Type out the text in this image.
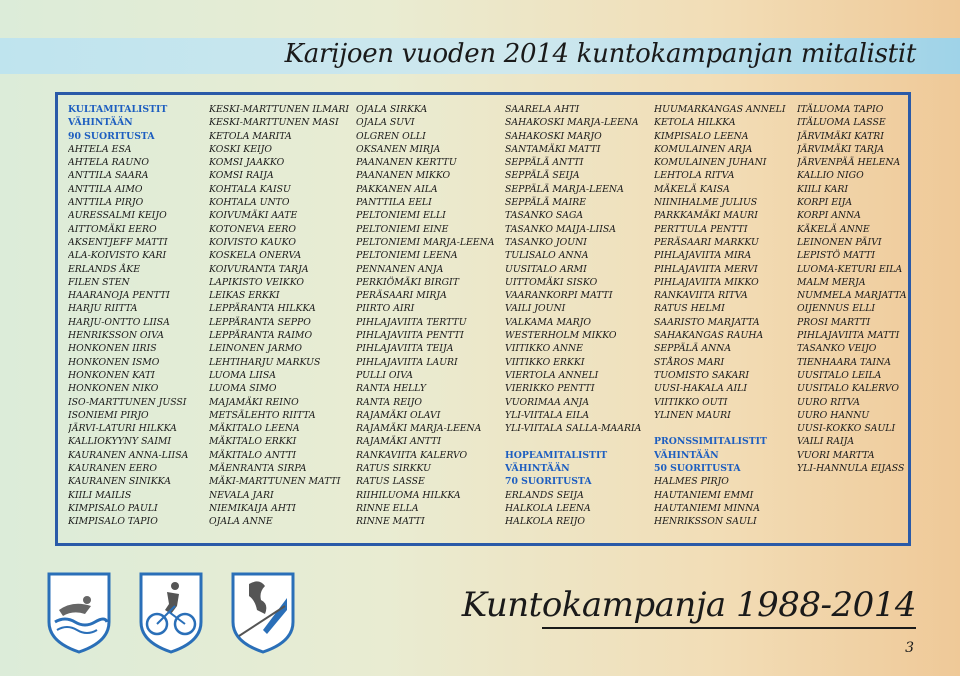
Karijoen vuoden 2014 kuntokampanjan mitalistit
KULTAMITALISTIT
VÄHINTÄÄN
90 SUORITUSTA
AHTELA ESA
AHTELA RAUNO
ANTTILA SAARA
ANTTILA AIMO
ANTTILA PIRJO
AURESSALMI KEIJO
AITTOMÄKI EERO
AKSENTJEFF MATTI
ALA-KOIVISTO KARI
ERLANDS ÅKE
FILEN STEN
HAARANOJA PENTTI
HARJU RIITTA
HARJU-ONTTO LIISA
HENRIKSSON OIVA
HONKONEN IIRIS
HONKONEN ISMO
HONKONEN KATI
HONKONEN NIKO
ISO-MARTTUNEN JUSSI
ISONIEMI PIRJO
JÄRVI-LATURI HILKKA
KALLIOKYYNY SAIMI
KAURANEN ANNA-LIISA
KAURANEN EERO
KAURANEN SINIKKA
KIILI MAILIS
KIMPISALO PAULI
KIMPISALO TAPIO
KESKI-MARTTUNEN ILMARI
KESKI-MARTTUNEN MASI
KETOLA MARITA
KOSKI KEIJO
KOMSI JAAKKO
KOMSI RAIJA
KOHTALA KAISU
KOHTALA UNTO
KOIVUMÄKI AATE
KOTONEVA EERO
KOIVISTO KAUKO
KOSKELA ONERVA
KOIVURANTA TARJA
LAPIKISTO VEIKKO
LEIKAS ERKKI
LEPPÄRANTA HILKKA
LEPPÄRANTA SEPPO
LEPPÄRANTA RAIMO
LEINONEN JARMO
LEHTIHARJU MARKUS
LUOMA LIISA
LUOMA SIMO
MAJAMÄKI REINO
METSÄLEHTO RIITTA
MÄKITALO LEENA
MÄKITALO ERKKI
MÄKITALO ANTTI
MÄENRANTA SIRPA
MÄKI-MARTTUNEN MATTI
NEVALA JARI
NIEMIKAIJA AHTI
OJALA ANNE
OJALA SIRKKA
OJALA SUVI
OLGREN OLLI
OKSANEN MIRJA
PAANANEN KERTTU
PAANANEN MIKKO
PAKKANEN AILA
PANTTILA EELI
PELTONIEMI ELLI
PELTONIEMI EINE
PELTONIEMI MARJA-LEENA
PELTONIEMI LEENA
PENNANEN ANJA
PERKIÖMÄKI BIRGIT
PERÄSAARI MIRJA
PIIRTO AIRI
PIHLAJAVIITA TERTTU
PIHLAJAVIITA PENTTI
PIHLAJAVIITA TEIJA
PIHLAJAVIITA LAURI
PULLI OIVA
RANTA HELLY
RANTA REIJO
RAJAMÄKI OLAVI
RAJAMÄKI MARJA-LEENA
RAJAMÄKI ANTTI
RANKAVIITA KALERVO
RATUS SIRKKU
RATUS LASSE
RIIHILUOMA HILKKA
RINNE ELLA
RINNE MATTI
SAARELA AHTI
SAHAKOSKI MARJA-LEENA
SAHAKOSKI MARJO
SANTAMÄKI MATTI
SEPPÄLÄ ANTTI
SEPPÄLÄ SEIJA
SEPPÄLÄ MARJA-LEENA
SEPPÄLÄ MAIRE
TASANKO SAGA
TASANKO MAIJA-LIISA
TASANKO JOUNI
TULISALO ANNA
UUSITALO ARMI
UITTOMÄKI SISKO
VAARANKORPI MATTI
VAILI JOUNI
VALKAMA MARJO
WESTERHOLM MIKKO
VIITIKKO ANNE
VIITIKKO ERKKI
VIERTOLA ANNELI
VIERIKKO PENTTI
VUORIMAA ANJA
YLI-VIITALA EILA
YLI-VIITALA SALLA-MAARIA
HOPEAMITALISTIT
VÄHINTÄÄN
70 SUORITUSTA
ERLANDS SEIJA
HALKOLA LEENA
HALKOLA REIJO
HUUMARKANGAS ANNELI
KETOLA HILKKA
KIMPISALO LEENA
KOMULAINEN ARJA
KOMULAINEN JUHANI
LEHTOLA RITVA
MÄKELÄ KAISA
NIINIHALME JULIUS
PARKKAMÄKI MAURI
PERTTULA PENTTI
PERÄSAARI MARKKU
PIHLAJAVIITA MIRA
PIHLAJAVIITA MERVI
PIHLAJAVIITA MIKKO
RANKAVIITA RITVA
RATUS HELMI
SAARISTO MARJATTA
SAHAKANGAS RAUHA
SEPPÄLÄ ANNA
STÅROS MARI
TUOMISTO SAKARI
UUSI-HAKALA AILI
VIITIKKO OUTI
YLINEN MAURI
PRONSSIMITALISTIT
VÄHINTÄÄN
50 SUORITUSTA
HALMES PIRJO
HAUTANIEMI EMMI
HAUTANIEMI MINNA
HENRIKSSON SAULI
ITÄLUOMA TAPIO
ITÄLUOMA LASSE
JÄRVIMÄKI KATRI
JÄRVIMÄKI TARJA
JÄRVENPÄÄ HELENA
KALLIO NIGO
KIILI KARI
KORPI EIJA
KORPI ANNA
KÄKELÄ ANNE
LEINONEN PÄIVI
LEPISTÖ MATTI
LUOMA-KETURI EILA
MALM MERJA
NUMMELA MARJATTA
OIJENNUS ELLI
PROSI MARTTI
PIHLAJAVIITA MATTI
TASANKO VEIJO
TIENHAARA TAINA
UUSITALO LEILA
UUSITALO KALERVO
UURO RITVA
UURO HANNU
UUSI-KOKKO SAULI
VAILI RAIJA
VUORI MARTTA
YLI-HANNULA EIJASS
Kuntokampanja 1988-2014
3
